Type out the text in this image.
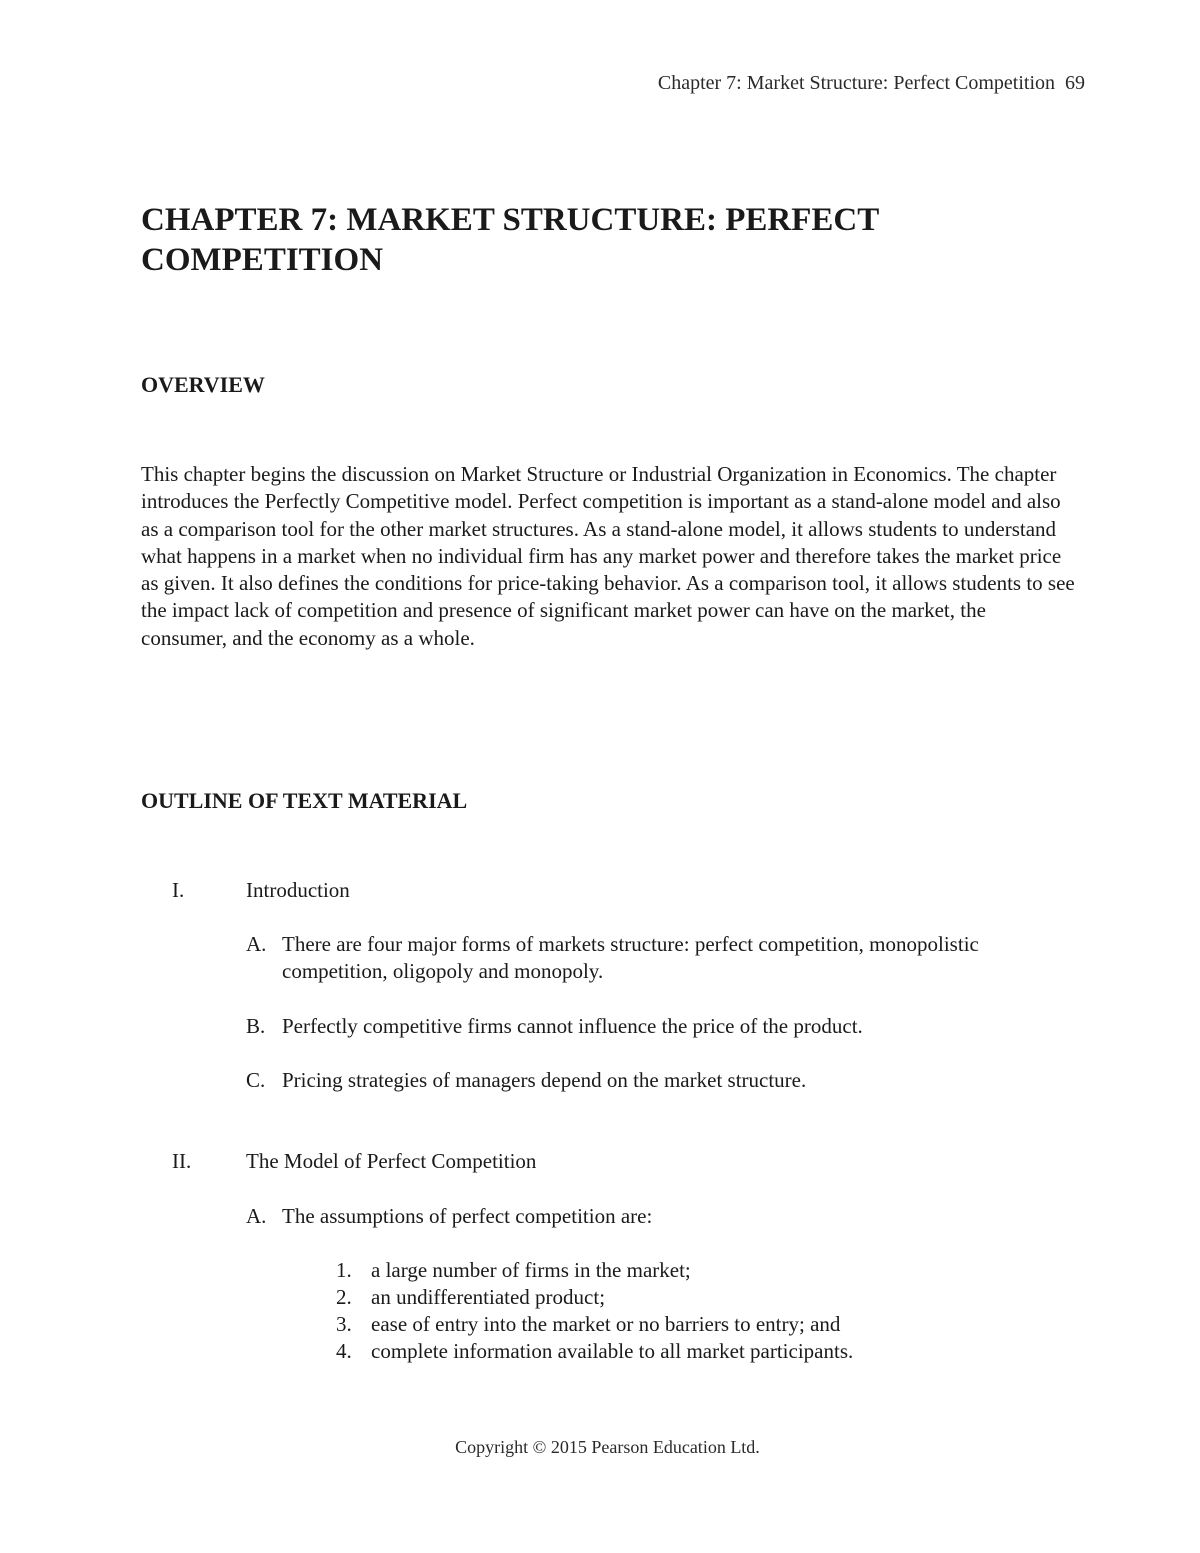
Chapter 7: Market Structure: Perfect Competition 69
CHAPTER 7: MARKET STRUCTURE: PERFECT COMPETITION
OVERVIEW

This chapter begins the discussion on Market Structure or Industrial Organization in Economics. The chapter introduces the Perfectly Competitive model. Perfect competition is important as a stand-alone model and also as a comparison tool for the other market structures. As a stand-alone model, it allows students to understand what happens in a market when no individual firm has any market power and therefore takes the market price as given. It also defines the conditions for price-taking behavior. As a comparison tool, it allows students to see the impact lack of competition and presence of significant market power can have on the market, the consumer, and the economy as a whole.

OUTLINE OF TEXT MATERIAL
I.	Introduction
A. There are four major forms of markets structure: perfect competition, monopolistic competition, oligopoly and monopoly.
B. Perfectly competitive firms cannot influence the price of the product.
C. Pricing strategies of managers depend on the market structure.
II.	The Model of Perfect Competition
A. The assumptions of perfect competition are:
1. a large number of firms in the market;
2. an undifferentiated product;
3. ease of entry into the market or no barriers to entry; and
4. complete information available to all market participants.
Copyright © 2015 Pearson Education Ltd.
